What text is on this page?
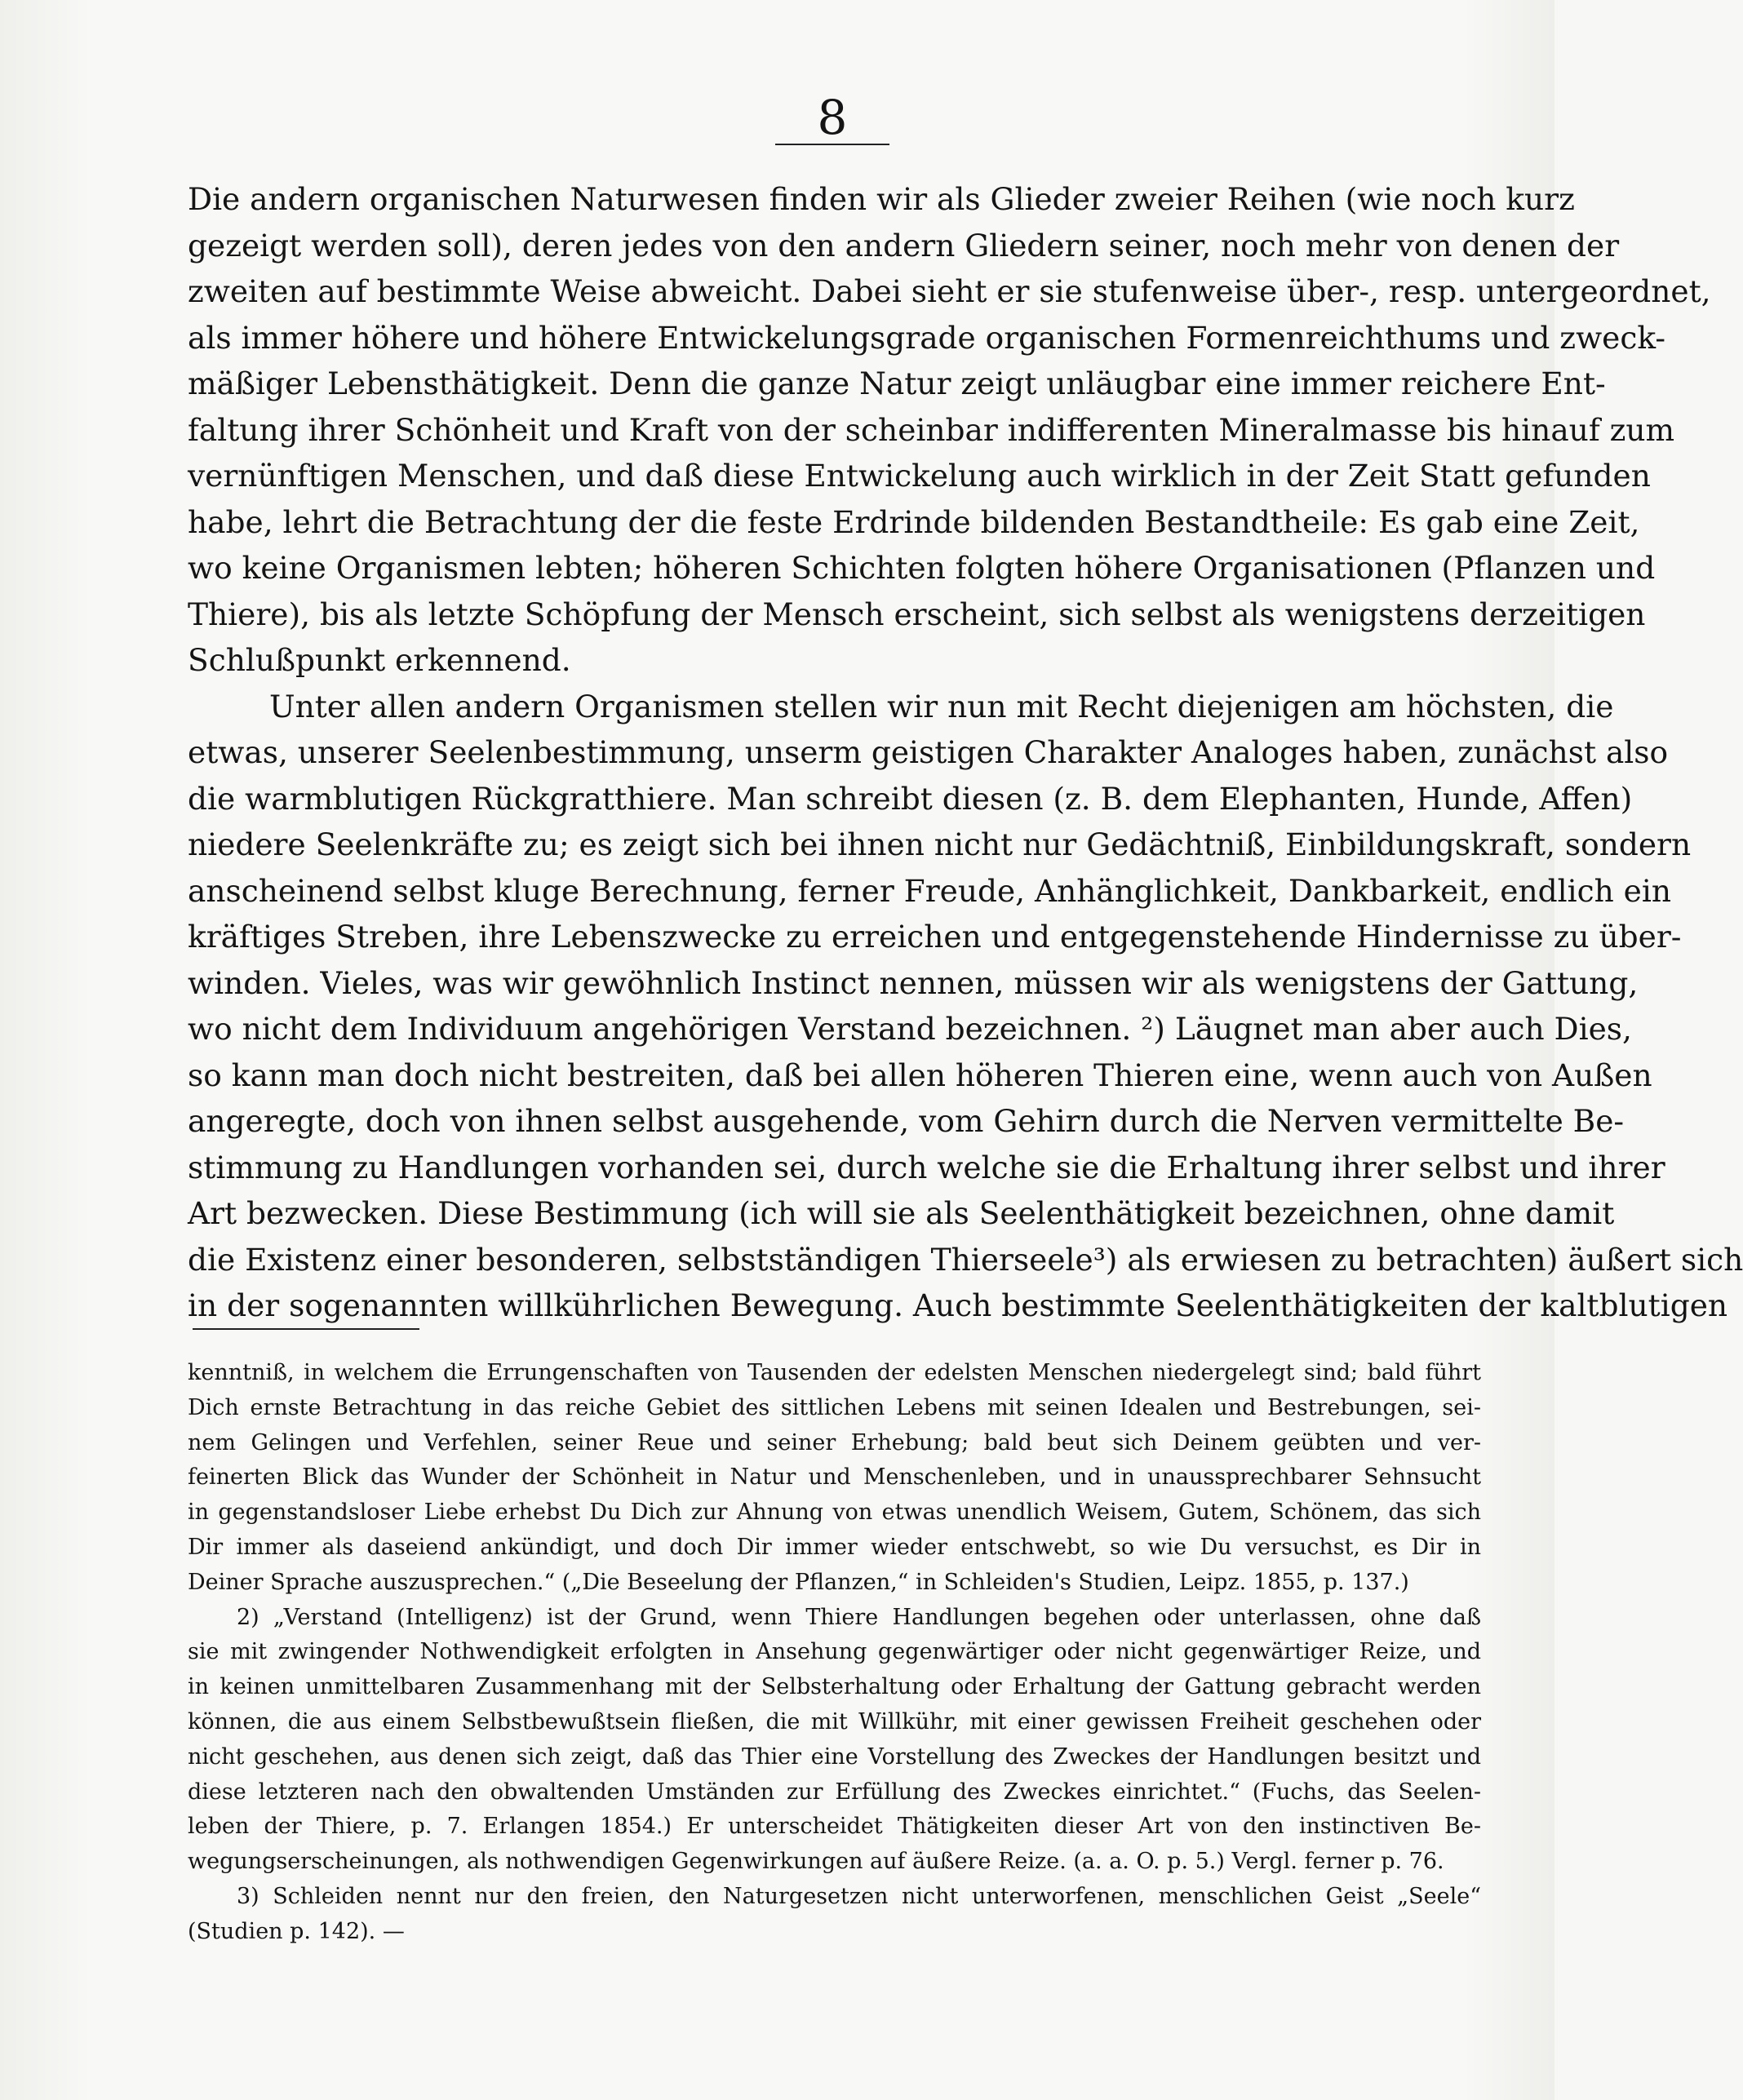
8
Die andern organischen Naturwesen finden wir als Glieder zweier Reihen (wie noch kurz
gezeigt werden soll), deren jedes von den andern Gliedern seiner, noch mehr von denen der
zweiten auf bestimmte Weise abweicht. Dabei sieht er sie stufenweise über-, resp. untergeordnet,
als immer höhere und höhere Entwickelungsgrade organischen Formenreichthums und zweck-
mäßiger Lebensthätigkeit. Denn die ganze Natur zeigt unläugbar eine immer reichere Ent-
faltung ihrer Schönheit und Kraft von der scheinbar indifferenten Mineralmasse bis hinauf zum
vernünftigen Menschen, und daß diese Entwickelung auch wirklich in der Zeit Statt gefunden
habe, lehrt die Betrachtung der die feste Erdrinde bildenden Bestandtheile: Es gab eine Zeit,
wo keine Organismen lebten; höheren Schichten folgten höhere Organisationen (Pflanzen und
Thiere), bis als letzte Schöpfung der Mensch erscheint, sich selbst als wenigstens derzeitigen
Schlußpunkt erkennend.
Unter allen andern Organismen stellen wir nun mit Recht diejenigen am höchsten, die
etwas, unserer Seelenbestimmung, unserm geistigen Charakter Analoges haben, zunächst also
die warmblutigen Rückgratthiere. Man schreibt diesen (z. B. dem Elephanten, Hunde, Affen)
niedere Seelenkräfte zu; es zeigt sich bei ihnen nicht nur Gedächtniß, Einbildungskraft, sondern
anscheinend selbst kluge Berechnung, ferner Freude, Anhänglichkeit, Dankbarkeit, endlich ein
kräftiges Streben, ihre Lebenszwecke zu erreichen und entgegenstehende Hindernisse zu über-
winden. Vieles, was wir gewöhnlich Instinct nennen, müssen wir als wenigstens der Gattung,
wo nicht dem Individuum angehörigen Verstand bezeichnen. ²) Läugnet man aber auch Dies,
so kann man doch nicht bestreiten, daß bei allen höheren Thieren eine, wenn auch von Außen
angeregte, doch von ihnen selbst ausgehende, vom Gehirn durch die Nerven vermittelte Be-
stimmung zu Handlungen vorhanden sei, durch welche sie die Erhaltung ihrer selbst und ihrer
Art bezwecken. Diese Bestimmung (ich will sie als Seelenthätigkeit bezeichnen, ohne damit
die Existenz einer besonderen, selbstständigen Thierseele³) als erwiesen zu betrachten) äußert sich
in der sogenannten willkührlichen Bewegung. Auch bestimmte Seelenthätigkeiten der kaltblutigen
kenntniß, in welchem die Errungenschaften von Tausenden der edelsten Menschen niedergelegt sind; bald führt
Dich ernste Betrachtung in das reiche Gebiet des sittlichen Lebens mit seinen Idealen und Bestrebungen, sei-
nem Gelingen und Verfehlen, seiner Reue und seiner Erhebung; bald beut sich Deinem geübten und ver-
feinerten Blick das Wunder der Schönheit in Natur und Menschenleben, und in unaussprechbarer Sehnsucht
in gegenstandsloser Liebe erhebst Du Dich zur Ahnung von etwas unendlich Weisem, Gutem, Schönem, das sich
Dir immer als daseiend ankündigt, und doch Dir immer wieder entschwebt, so wie Du versuchst, es Dir in
Deiner Sprache auszusprechen.“ („Die Beseelung der Pflanzen,“ in Schleiden's Studien, Leipz. 1855, p. 137.)
2) „Verstand (Intelligenz) ist der Grund, wenn Thiere Handlungen begehen oder unterlassen, ohne daß
sie mit zwingender Nothwendigkeit erfolgten in Ansehung gegenwärtiger oder nicht gegenwärtiger Reize, und
in keinen unmittelbaren Zusammenhang mit der Selbsterhaltung oder Erhaltung der Gattung gebracht werden
können, die aus einem Selbstbewußtsein fließen, die mit Willkühr, mit einer gewissen Freiheit geschehen oder
nicht geschehen, aus denen sich zeigt, daß das Thier eine Vorstellung des Zweckes der Handlungen besitzt und
diese letzteren nach den obwaltenden Umständen zur Erfüllung des Zweckes einrichtet.“ (Fuchs, das Seelen-
leben der Thiere, p. 7. Erlangen 1854.) Er unterscheidet Thätigkeiten dieser Art von den instinctiven Be-
wegungserscheinungen, als nothwendigen Gegenwirkungen auf äußere Reize. (a. a. O. p. 5.) Vergl. ferner p. 76.
3) Schleiden nennt nur den freien, den Naturgesetzen nicht unterworfenen, menschlichen Geist „Seele“
(Studien p. 142). —
